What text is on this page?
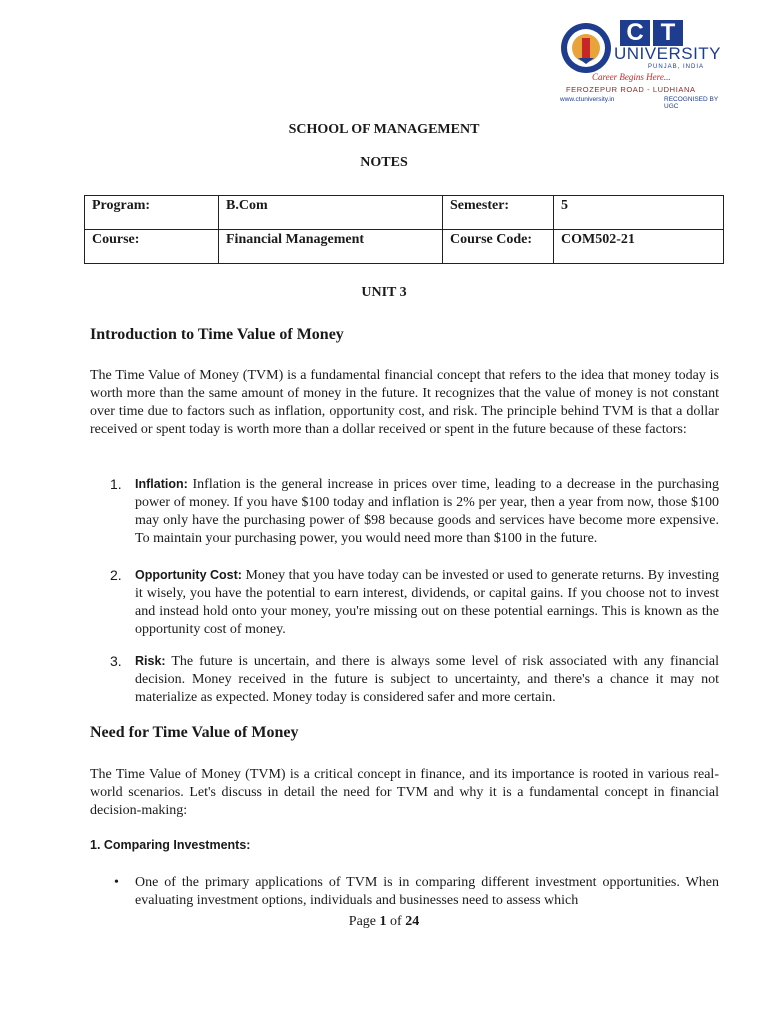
C T
UNIVERSITY
PUNJAB, INDIA
Career Begins Here...
FEROZEPUR ROAD - LUDHIANA
www.ctuniversity.in	RECOGNISED BY UGC
SCHOOL OF MANAGEMENT
NOTES
Program:	B.Com	Semester:	5
Course:	Financial Management	Course Code:	COM502-21
UNIT 3
Introduction to Time Value of Money
The Time Value of Money (TVM) is a fundamental financial concept that refers to the idea that money today is worth more than the same amount of money in the future. It recognizes that the value of money is not constant over time due to factors such as inflation, opportunity cost, and risk. The principle behind TVM is that a dollar received or spent today is worth more than a dollar received or spent in the future because of these factors:
1.	Inflation: Inflation is the general increase in prices over time, leading to a decrease in the purchasing power of money. If you have $100 today and inflation is 2% per year, then a year from now, those $100 may only have the purchasing power of $98 because goods and services have become more expensive. To maintain your purchasing power, you would need more than $100 in the future.
2.	Opportunity Cost: Money that you have today can be invested or used to generate returns. By investing it wisely, you have the potential to earn interest, dividends, or capital gains. If you choose not to invest and instead hold onto your money, you're missing out on these potential earnings. This is known as the opportunity cost of money.
3.	Risk: The future is uncertain, and there is always some level of risk associated with any financial decision. Money received in the future is subject to uncertainty, and there's a chance it may not materialize as expected. Money today is considered safer and more certain.
Need for Time Value of Money
The Time Value of Money (TVM) is a critical concept in finance, and its importance is rooted in various real-world scenarios. Let's discuss in detail the need for TVM and why it is a fundamental concept in financial decision-making:
1. Comparing Investments:
• One of the primary applications of TVM is in comparing different investment opportunities. When evaluating investment options, individuals and businesses need to assess which
Page 1 of 24
